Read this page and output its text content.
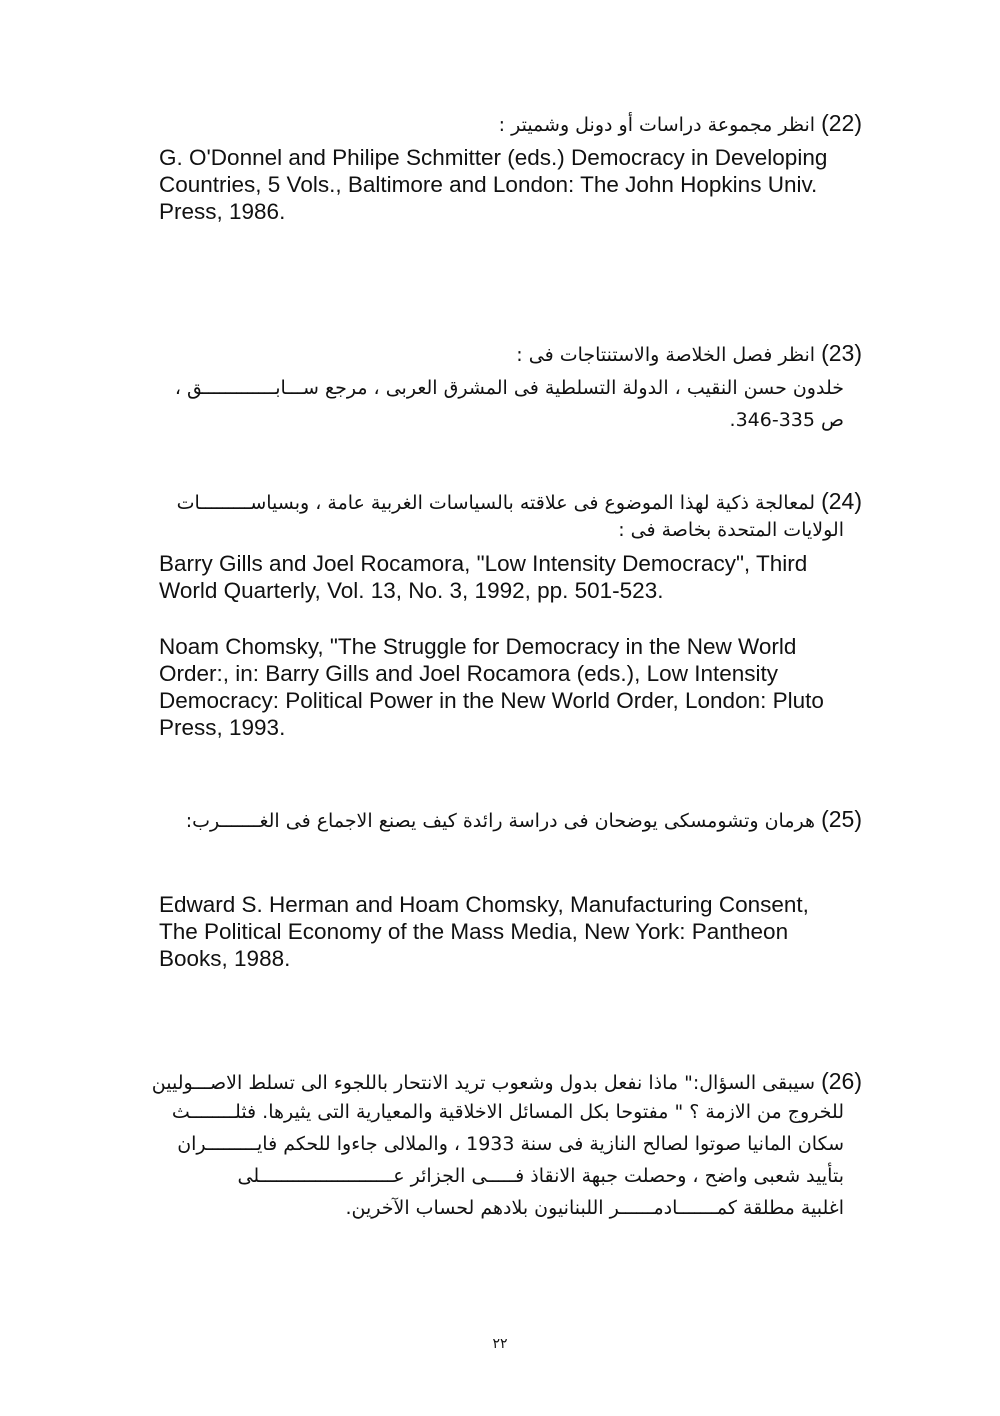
(22) انظر مجموعة دراسات أو دونل وشميتر :
G. O'Donnel and Philipe Schmitter (eds.) Democracy in Developing
Countries, 5 Vols., Baltimore and London: The John Hopkins Univ.
Press, 1986.
(23) انظر فصل الخلاصة والاستنتاجات فى :
خلدون حسن النقيب ، الدولة التسلطية فى المشرق العربى ، مرجع ســـابـــــــــــــق ،
ص 335-346.
(24) لمعالجة ذكية لهذا الموضوع فى علاقته بالسياسات الغربية عامة ، وبسياســـــــــات
الولايات المتحدة بخاصة فى :
Barry Gills and Joel Rocamora, "Low Intensity Democracy", Third
World Quarterly, Vol. 13, No. 3, 1992, pp. 501-523.
Noam Chomsky, "The Struggle for Democracy in the New World
Order:, in: Barry Gills and Joel Rocamora (eds.), Low Intensity
Democracy: Political Power in the New World Order, London: Pluto
Press, 1993.
(25) هرمان وتشومسكى يوضحان فى دراسة رائدة كيف يصنع الاجماع فى الغـــــــرب:
Edward S. Herman and Hoam Chomsky, Manufacturing Consent,
The Political Economy of the Mass Media, New York: Pantheon
Books, 1988.
(26) سيبقى السؤال:" ماذا نفعل بدول وشعوب تريد الانتحار باللجوء الى تسلط الاصـــوليين
للخروج من الازمة ؟ " مفتوحا بكل المسائل الاخلاقية والمعيارية التى يثيرها. فثلــــــــث
سكان المانيا صوتوا لصالح النازية فى سنة 1933 ، والملالى جاءوا للحكم فايـــــــــران
بتأييد شعبى واضح ، وحصلت جبهة الانقاذ فـــــى الجزائر عــــــــــــــــــــــــلى
اغلبية مطلقة كمـــــــادمــــــر اللبنانيون بلادهم لحساب الآخرين.
٢٢
